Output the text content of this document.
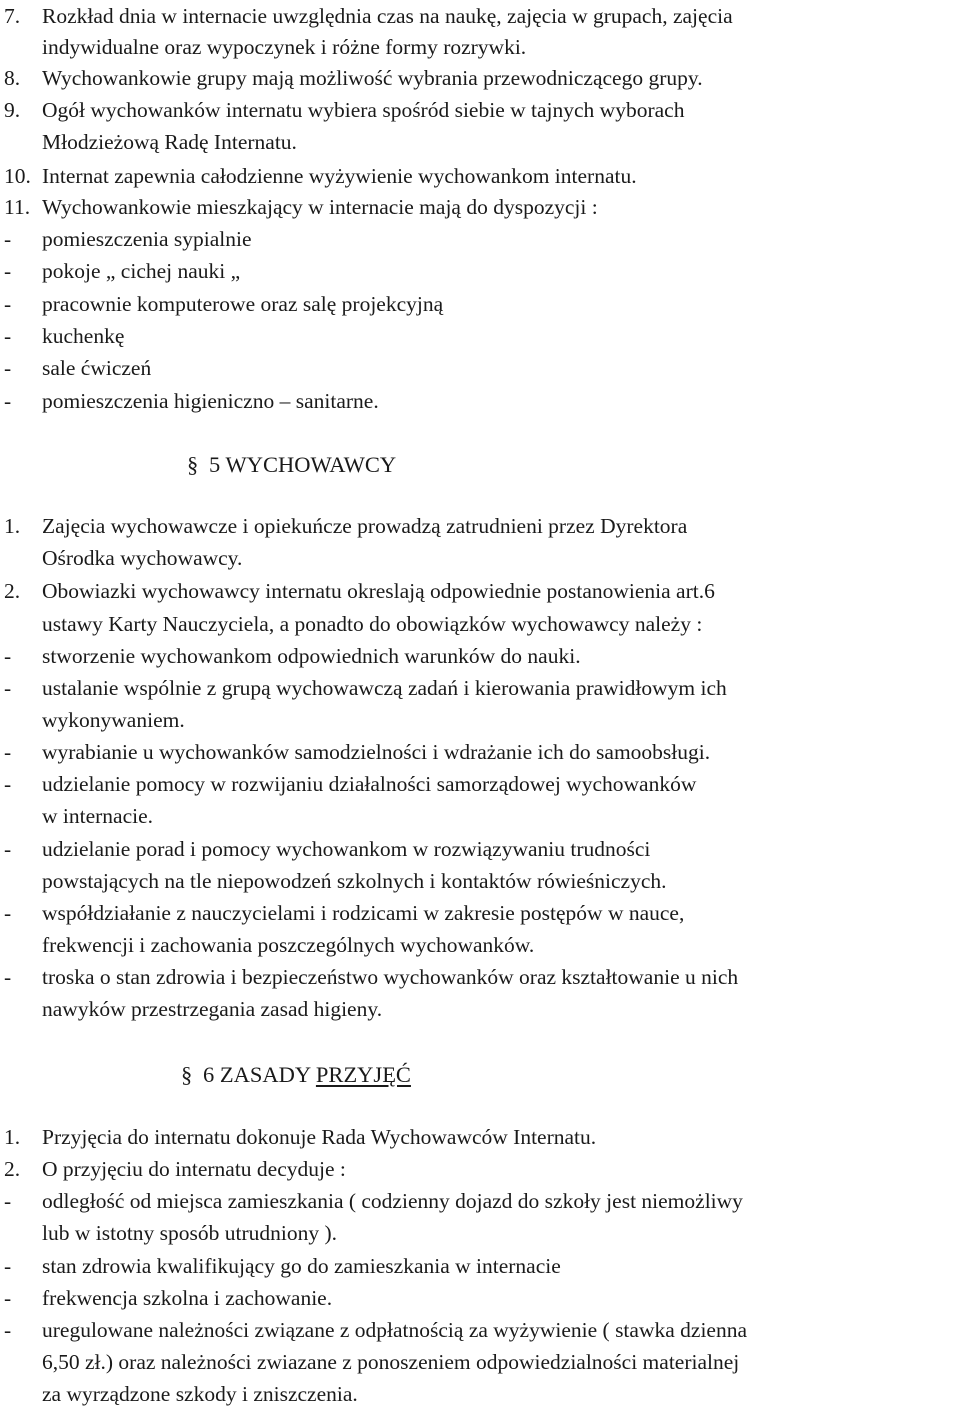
7. Rozkład dnia w internacie uwzględnia czas na naukę, zajęcia w grupach, zajęcia
indywidualne oraz wypoczynek i różne formy rozrywki.
8. Wychowankowie grupy mają możliwość wybrania przewodniczącego grupy.
9. Ogół wychowanków internatu wybiera spośród siebie w tajnych wyborach
Młodzieżową Radę Internatu.
10. Internat zapewnia całodzienne wyżywienie wychowankom internatu.
11. Wychowankowie mieszkający w internacie mają do dyspozycji :
- pomieszczenia sypialnie
- pokoje „ cichej nauki „
- pracownie komputerowe oraz salę projekcyjną
- kuchenkę
- sale ćwiczeń
- pomieszczenia higieniczno – sanitarne.
§ 5 WYCHOWAWCY
1. Zajęcia wychowawcze i opiekuńcze prowadzą zatrudnieni przez Dyrektora
Ośrodka wychowawcy.
2. Obowiazki wychowawcy internatu okreslają odpowiednie postanowienia art.6
ustawy Karty Nauczyciela, a ponadto do obowiązków wychowawcy należy :
- stworzenie wychowankom odpowiednich warunków do nauki.
- ustalanie wspólnie z grupą wychowawczą zadań i kierowania prawidłowym ich
wykonywaniem.
- wyrabianie u wychowanków samodzielności i wdrażanie ich do samoobsługi.
- udzielanie pomocy w rozwijaniu działalności samorządowej wychowanków
w internacie.
- udzielanie porad i pomocy wychowankom w rozwiązywaniu trudności
powstających na tle niepowodzeń szkolnych i kontaktów rówieśniczych.
- współdziałanie z nauczycielami i rodzicami w zakresie postępów w nauce,
frekwencji i zachowania poszczególnych wychowanków.
- troska o stan zdrowia i bezpieczeństwo wychowanków oraz kształtowanie u nich
nawyków przestrzegania zasad higieny.
§ 6 ZASADY PRZYJĘĆ
1. Przyjęcia do internatu dokonuje Rada Wychowawców Internatu.
2. O przyjęciu do internatu decyduje :
- odległość od miejsca zamieszkania ( codzienny dojazd do szkoły jest niemożliwy
lub w istotny sposób utrudniony ).
- stan zdrowia kwalifikujący go do zamieszkania w internacie
- frekwencja szkolna i zachowanie.
- uregulowane należności związane z odpłatnością za wyżywienie ( stawka dzienna
6,50 zł.) oraz należności zwiazane z ponoszeniem odpowiedzialności materialnej
za wyrządzone szkody i zniszczenia.
